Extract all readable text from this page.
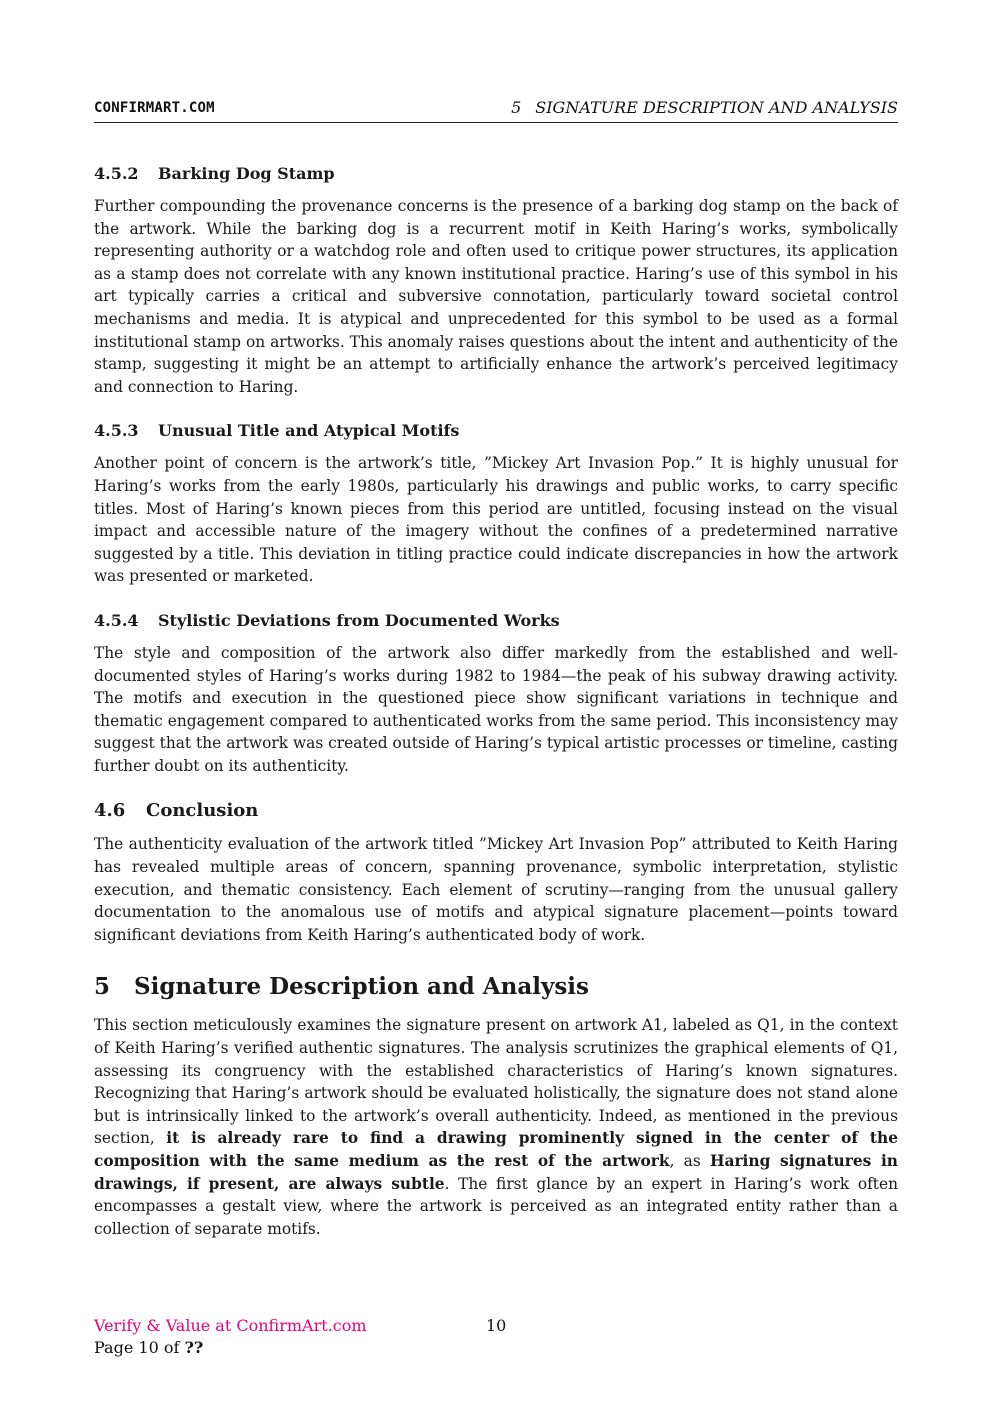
CONFIRMART.COM	5 SIGNATURE DESCRIPTION AND ANALYSIS
4.5.2 Barking Dog Stamp

Further compounding the provenance concerns is the presence of a barking dog stamp on the back of the artwork. While the barking dog is a recurrent motif in Keith Haring’s works, symbolically representing authority or a watchdog role and often used to critique power structures, its application as a stamp does not correlate with any known institutional practice. Haring’s use of this symbol in his art typically carries a critical and subversive connotation, particularly toward societal control mechanisms and media. It is atypical and unprecedented for this symbol to be used as a formal institutional stamp on artworks. This anomaly raises questions about the intent and authenticity of the stamp, suggesting it might be an attempt to artificially enhance the artwork’s perceived legitimacy and connection to Haring.

4.5.3 Unusual Title and Atypical Motifs

Another point of concern is the artwork’s title, ”Mickey Art Invasion Pop.” It is highly unusual for Haring’s works from the early 1980s, particularly his drawings and public works, to carry specific titles. Most of Haring’s known pieces from this period are untitled, focusing instead on the visual impact and accessible nature of the imagery without the confines of a predetermined narrative suggested by a title. This deviation in titling practice could indicate discrepancies in how the artwork was presented or marketed.

4.5.4 Stylistic Deviations from Documented Works

The style and composition of the artwork also differ markedly from the established and well-documented styles of Haring’s works during 1982 to 1984—the peak of his subway drawing activity. The motifs and execution in the questioned piece show significant variations in technique and thematic engagement compared to authenticated works from the same period. This inconsistency may suggest that the artwork was created outside of Haring’s typical artistic processes or timeline, casting further doubt on its authenticity.

4.6 Conclusion

The authenticity evaluation of the artwork titled ”Mickey Art Invasion Pop” attributed to Keith Haring has revealed multiple areas of concern, spanning provenance, symbolic interpretation, stylistic execution, and thematic consistency. Each element of scrutiny—ranging from the unusual gallery documentation to the anomalous use of motifs and atypical signature placement—points toward significant deviations from Keith Haring’s authenticated body of work.

5 Signature Description and Analysis

This section meticulously examines the signature present on artwork A1, labeled as Q1, in the context of Keith Haring’s verified authentic signatures. The analysis scrutinizes the graphical elements of Q1, assessing its congruency with the established characteristics of Haring’s known signatures. Recognizing that Haring’s artwork should be evaluated holistically, the signature does not stand alone but is intrinsically linked to the artwork’s overall authenticity. Indeed, as mentioned in the previous section, it is already rare to find a drawing prominently signed in the center of the composition with the same medium as the rest of the artwork, as Haring signatures in drawings, if present, are always subtle. The first glance by an expert in Haring’s work often encompasses a gestalt view, where the artwork is perceived as an integrated entity rather than a collection of separate motifs.

Verify & Value at ConfirmArt.com	10
Page 10 of ??
